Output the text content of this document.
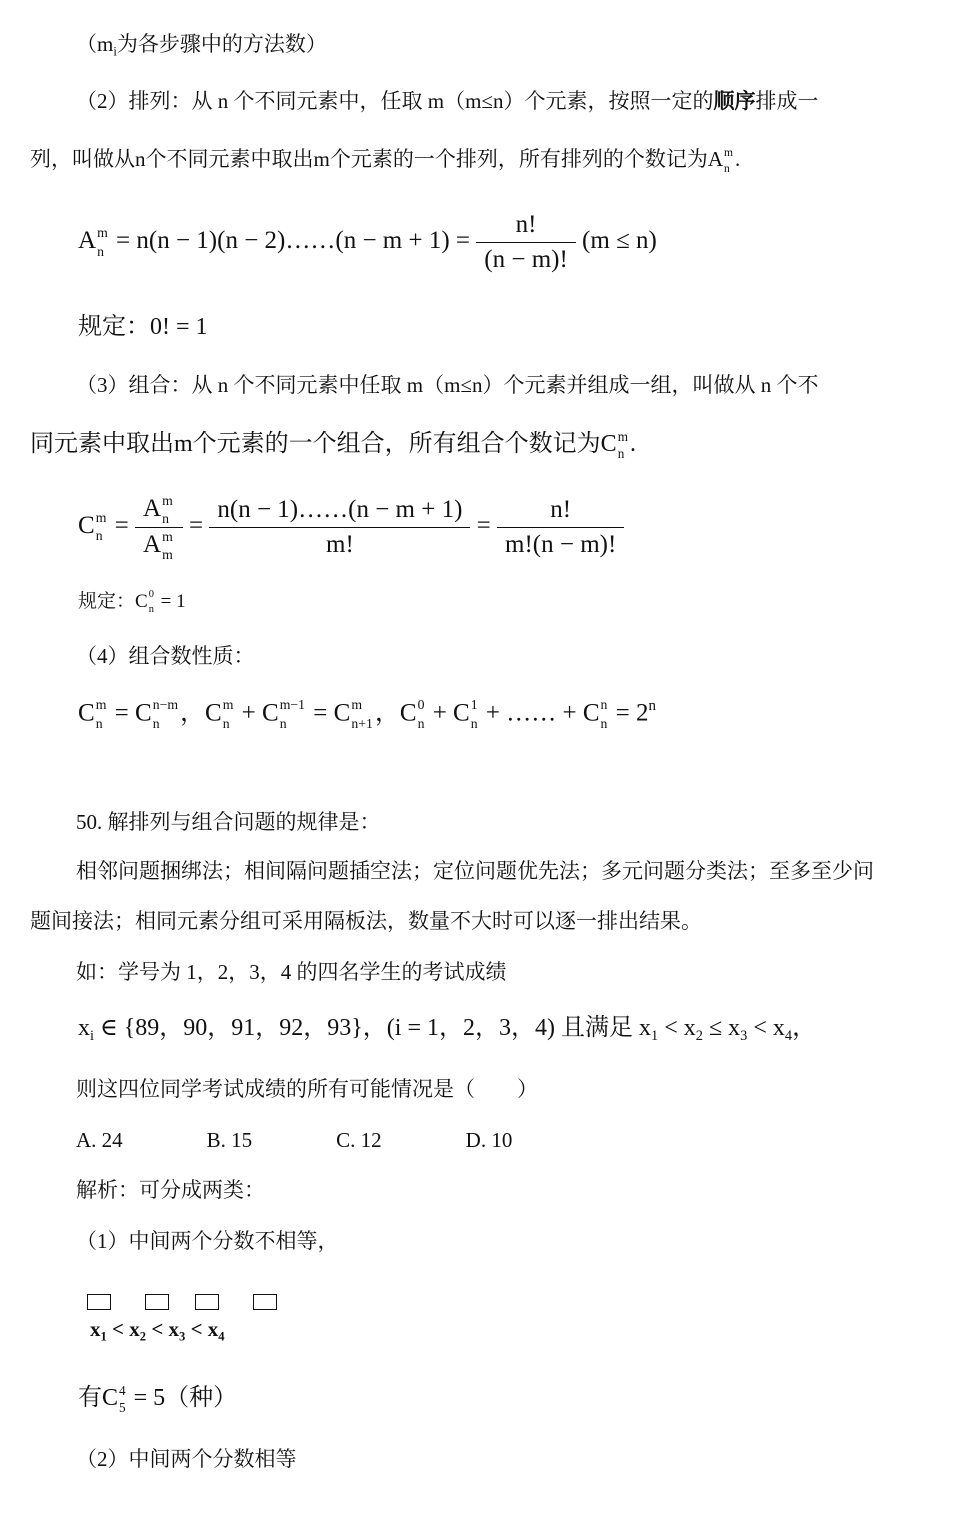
（$m_i$为各步骤中的方法数）
（2）排列：从 n 个不同元素中，任取 m（m≤n）个元素，按照一定的顺序排成一
列，叫做从n个不同元素中取出m个元素的一个排列，所有排列的个数记为A m
n .
A m
n = n(n − 1)(n − 2)……(n − $m + 1) = \frac{n!}{(n - m)!} (m \le n)$
规定：0! = 1
（3）组合：从 n 个不同元素中任取 m（m≤n）个元素并组成一组，叫做从 n 个不
同元素中取出m个元素的一个组合，所有组合个数记为C m
n .
C m
n = A m
n
A m
$m = \frac{n(n - 1)\dots\dots(n - m + 1)}{m!} = \frac{n!}{m!(n - m)!}$
规定：C 0
n = 1
（4）组合数性质：
C m
n = C n−m
n ，C m
n + C m−1
n = C m
n+1 ，C 0
n + C 1
n + …… + C n
$n = 2^n$
50. 解排列与组合问题的规律是：
相邻问题捆绑法；相间隔问题插空法；定位问题优先法；多元问题分类法；至多至少问
题间接法；相同元素分组可采用隔板法，数量不大时可以逐一排出结果。
如：学号为 1，2，3，4 的四名学生的考试成绩
$x_i$ ∈ {89，90，91，92，93}，(i = 1，2，3，4) 且满足 $x_1 < x_2 \le x_3 < x_4$，
则这四位同学考试成绩的所有可能情况是（　　）
A. 24　　　　B. 15　　　　C. 12　　　　D. 10
解析：可分成两类：
（1）中间两个分数不相等，
$x_1 < x_2 < x_3 < x_4$
有C 4
5 = 5（种）
（2）中间两个分数相等
